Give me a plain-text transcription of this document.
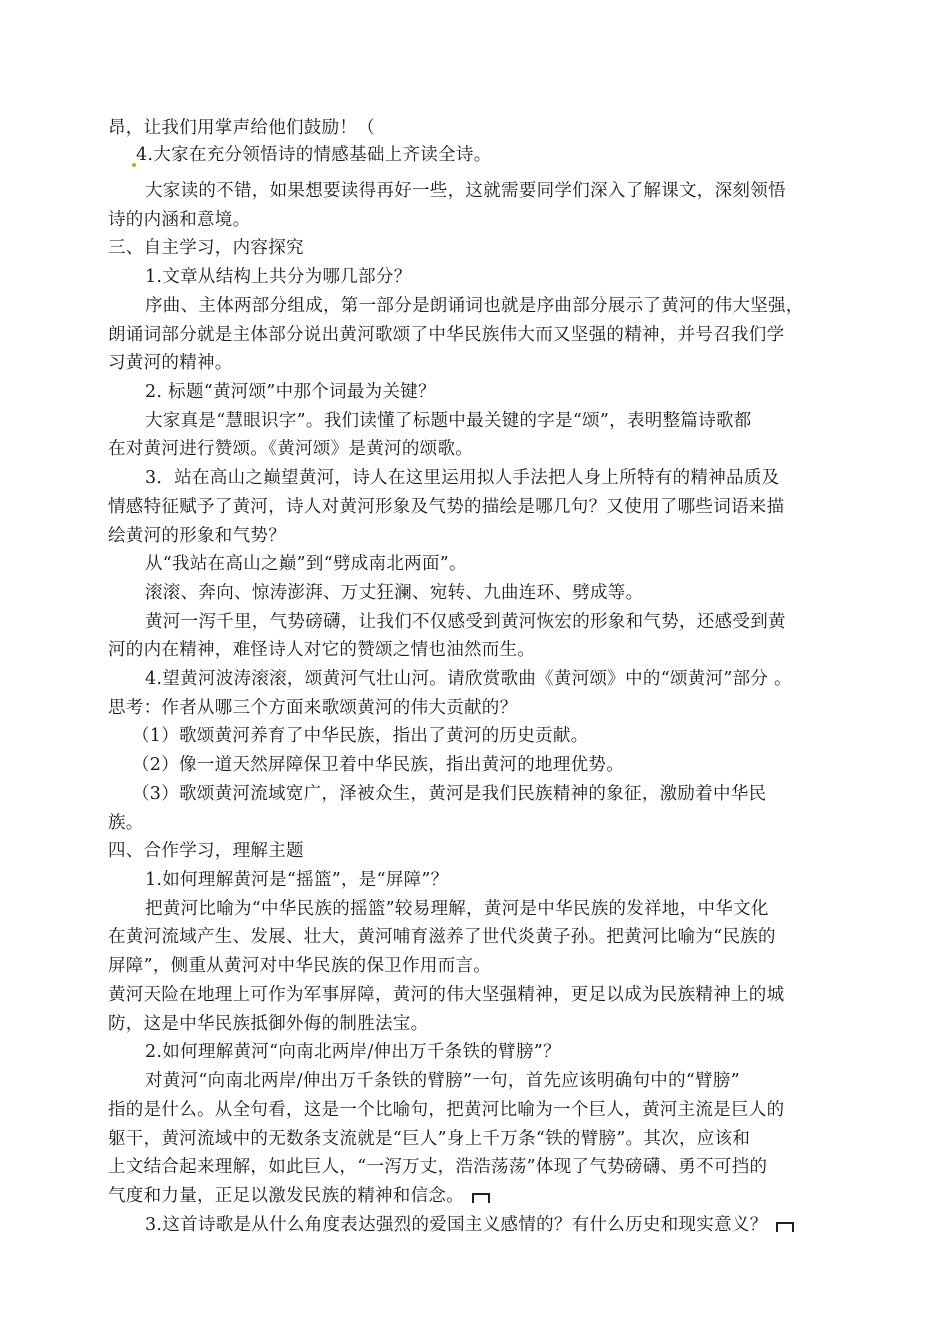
昂，让我们用掌声给他们鼓励！（
4.大家在充分领悟诗的情感基础上齐读全诗。
大家读的不错，如果想要读得再好一些，这就需要同学们深入了解课文，深刻领悟
诗的内涵和意境。
三、自主学习，内容探究
1.文章从结构上共分为哪几部分？
序曲、主体两部分组成，第一部分是朗诵词也就是序曲部分展示了黄河的伟大坚强，
朗诵词部分就是主体部分说出黄河歌颂了中华民族伟大而又坚强的精神，并号召我们学
习黄河的精神。
2. 标题“黄河颂”中那个词最为关键？
大家真是“慧眼识字”。我们读懂了标题中最关键的字是“颂”，表明整篇诗歌都
在对黄河进行赞颂。《黄河颂》是黄河的颂歌。
3．站在高山之巅望黄河，诗人在这里运用拟人手法把人身上所特有的精神品质及
情感特征赋予了黄河，诗人对黄河形象及气势的描绘是哪几句？又使用了哪些词语来描
绘黄河的形象和气势？
从“我站在高山之巅”到“劈成南北两面”。
滚滚、奔向、惊涛澎湃、万丈狂澜、宛转、九曲连环、劈成等。
黄河一泻千里，气势磅礴，让我们不仅感受到黄河恢宏的形象和气势，还感受到黄
河的内在精神，难怪诗人对它的赞颂之情也油然而生。
4.望黄河波涛滚滚，颂黄河气壮山河。请欣赏歌曲《黄河颂》中的“颂黄河”部分 。
思考：作者从哪三个方面来歌颂黄河的伟大贡献的？
（1）歌颂黄河养育了中华民族，指出了黄河的历史贡献。
（2）像一道天然屏障保卫着中华民族，指出黄河的地理优势。
（3）歌颂黄河流域宽广，泽被众生，黄河是我们民族精神的象征，激励着中华民
族。
四、合作学习，理解主题
1.如何理解黄河是“摇篮”，是“屏障”？
把黄河比喻为“中华民族的摇篮”较易理解，黄河是中华民族的发祥地，中华文化
在黄河流域产生、发展、壮大，黄河哺育滋养了世代炎黄子孙。把黄河比喻为“民族的
屏障”，侧重从黄河对中华民族的保卫作用而言。
黄河天险在地理上可作为军事屏障，黄河的伟大坚强精神，更足以成为民族精神上的城
防，这是中华民族抵御外侮的制胜法宝。
2.如何理解黄河“向南北两岸/伸出万千条铁的臂膀”？
对黄河“向南北两岸/伸出万千条铁的臂膀”一句，首先应该明确句中的“臂膀”
指的是什么。从全句看，这是一个比喻句，把黄河比喻为一个巨人，黄河主流是巨人的
躯干，黄河流域中的无数条支流就是“巨人”身上千万条“铁的臂膀”。其次，应该和
上文结合起来理解，如此巨人，“一泻万丈，浩浩荡荡”体现了气势磅礴、勇不可挡的
气度和力量，正足以激发民族的精神和信念。
3.这首诗歌是从什么角度表达强烈的爱国主义感情的？有什么历史和现实意义？
